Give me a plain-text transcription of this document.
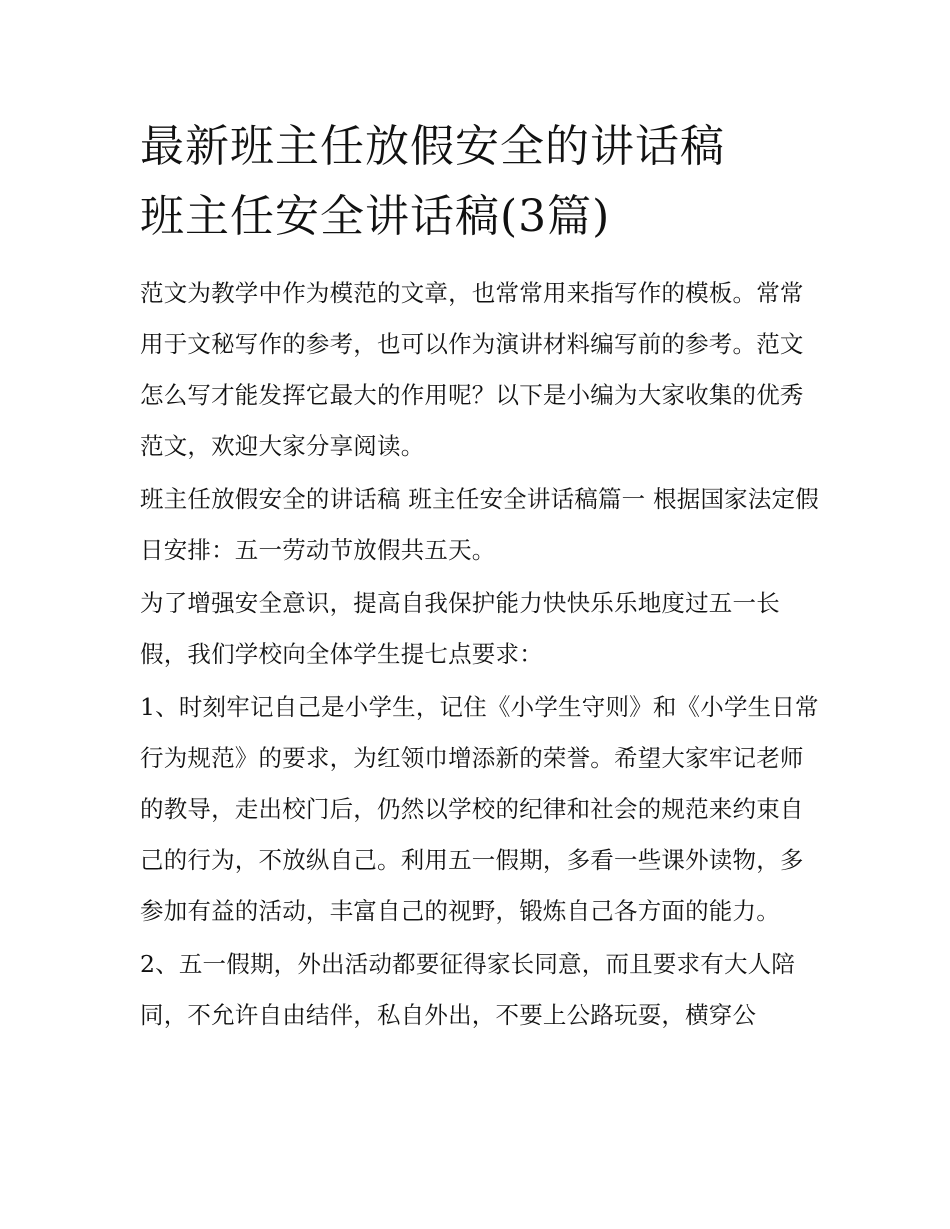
最新班主任放假安全的讲话稿
班主任安全讲话稿(3篇)

范文为教学中作为模范的文章，也常常用来指写作的模板。常常用于文秘写作的参考，也可以作为演讲材料编写前的参考。范文怎么写才能发挥它最大的作用呢？以下是小编为大家收集的优秀范文，欢迎大家分享阅读。

班主任放假安全的讲话稿 班主任安全讲话稿篇一 根据国家法定假日安排：五一劳动节放假共五天。

为了增强安全意识，提高自我保护能力快快乐乐地度过五一长假，我们学校向全体学生提七点要求：

1、时刻牢记自己是小学生，记住《小学生守则》和《小学生日常行为规范》的要求，为红领巾增添新的荣誉。希望大家牢记老师的教导，走出校门后，仍然以学校的纪律和社会的规范来约束自己的行为，不放纵自己。利用五一假期，多看一些课外读物，多参加有益的活动，丰富自己的视野，锻炼自己各方面的能力。

2、五一假期，外出活动都要征得家长同意，而且要求有大人陪同，不允许自由结伴，私自外出，不要上公路玩耍，横穿公
